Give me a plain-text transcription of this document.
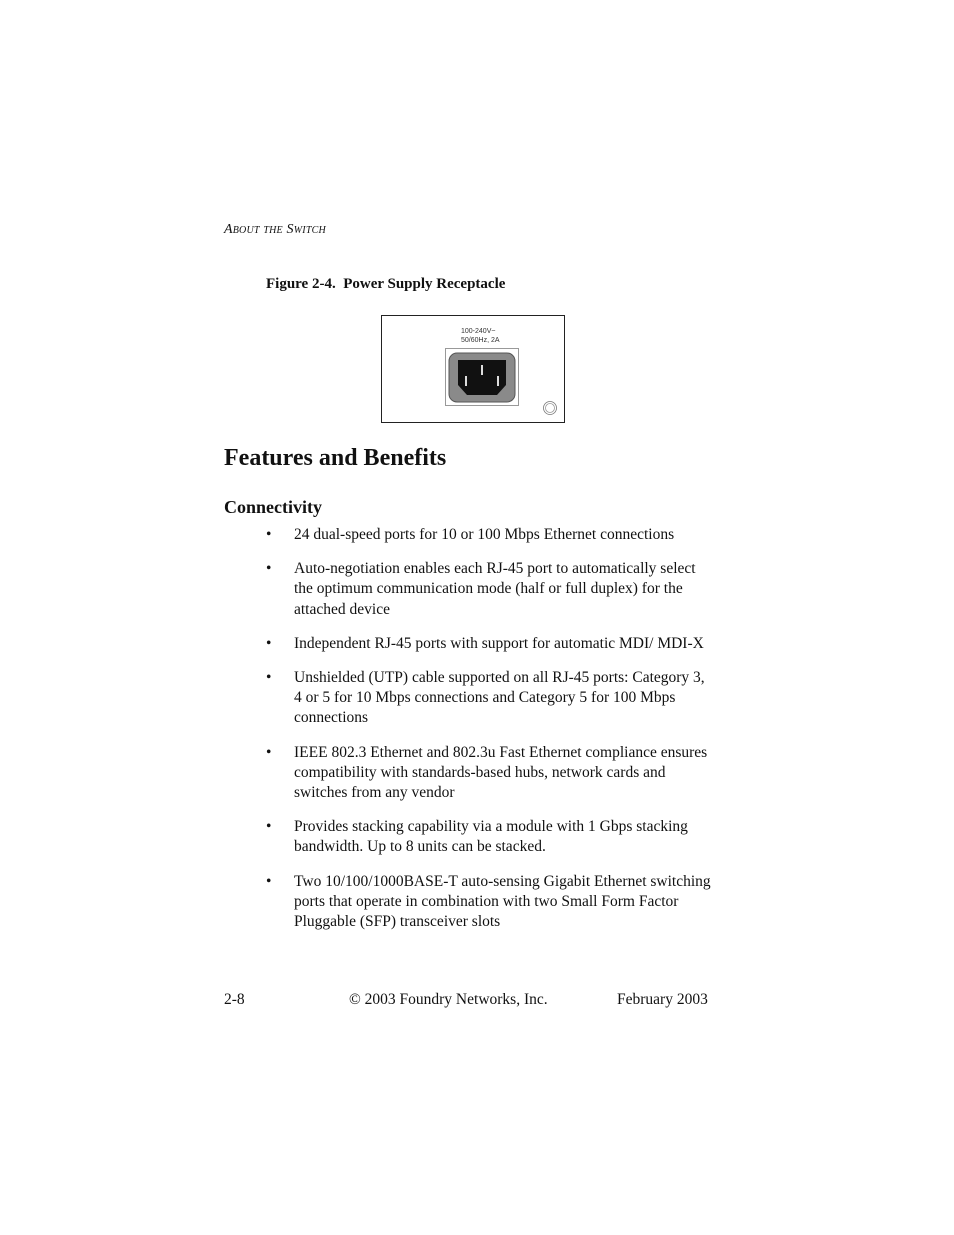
About the Switch
Figure 2-4.  Power Supply Receptacle
100-240V~
50/60Hz, 2A
Features and Benefits
Connectivity
• 24 dual-speed ports for 10 or 100 Mbps Ethernet connections
• Auto-negotiation enables each RJ-45 port to automatically select the optimum communication mode (half or full duplex) for the attached device
• Independent RJ-45 ports with support for automatic MDI/ MDI-X
• Unshielded (UTP) cable supported on all RJ-45 ports: Category 3, 4 or 5 for 10 Mbps connections and Category 5 for 100 Mbps connections
• IEEE 802.3 Ethernet and 802.3u Fast Ethernet compliance ensures compatibility with standards-based hubs, network cards and switches from any vendor
• Provides stacking capability via a module with 1 Gbps stacking bandwidth. Up to 8 units can be stacked.
• Two 10/100/1000BASE-T auto-sensing Gigabit Ethernet switching ports that operate in combination with two Small Form Factor Pluggable (SFP) transceiver slots
2-8	© 2003 Foundry Networks, Inc.	February 2003
